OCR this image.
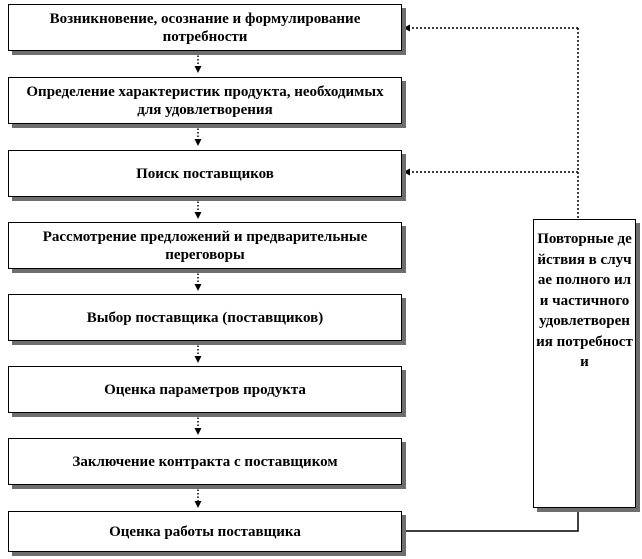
Возникновение, осознание и формулирование потребности
Определение характеристик продукта, необходимых для удовлетворения
Поиск поставщиков
Рассмотрение предложений и предварительные переговоры
Выбор поставщика (поставщиков)
Оценка параметров продукта
Заключение контракта с поставщиком
Оценка работы поставщика
Повторные действия в случае полного или частичного удовлетворения потребности
